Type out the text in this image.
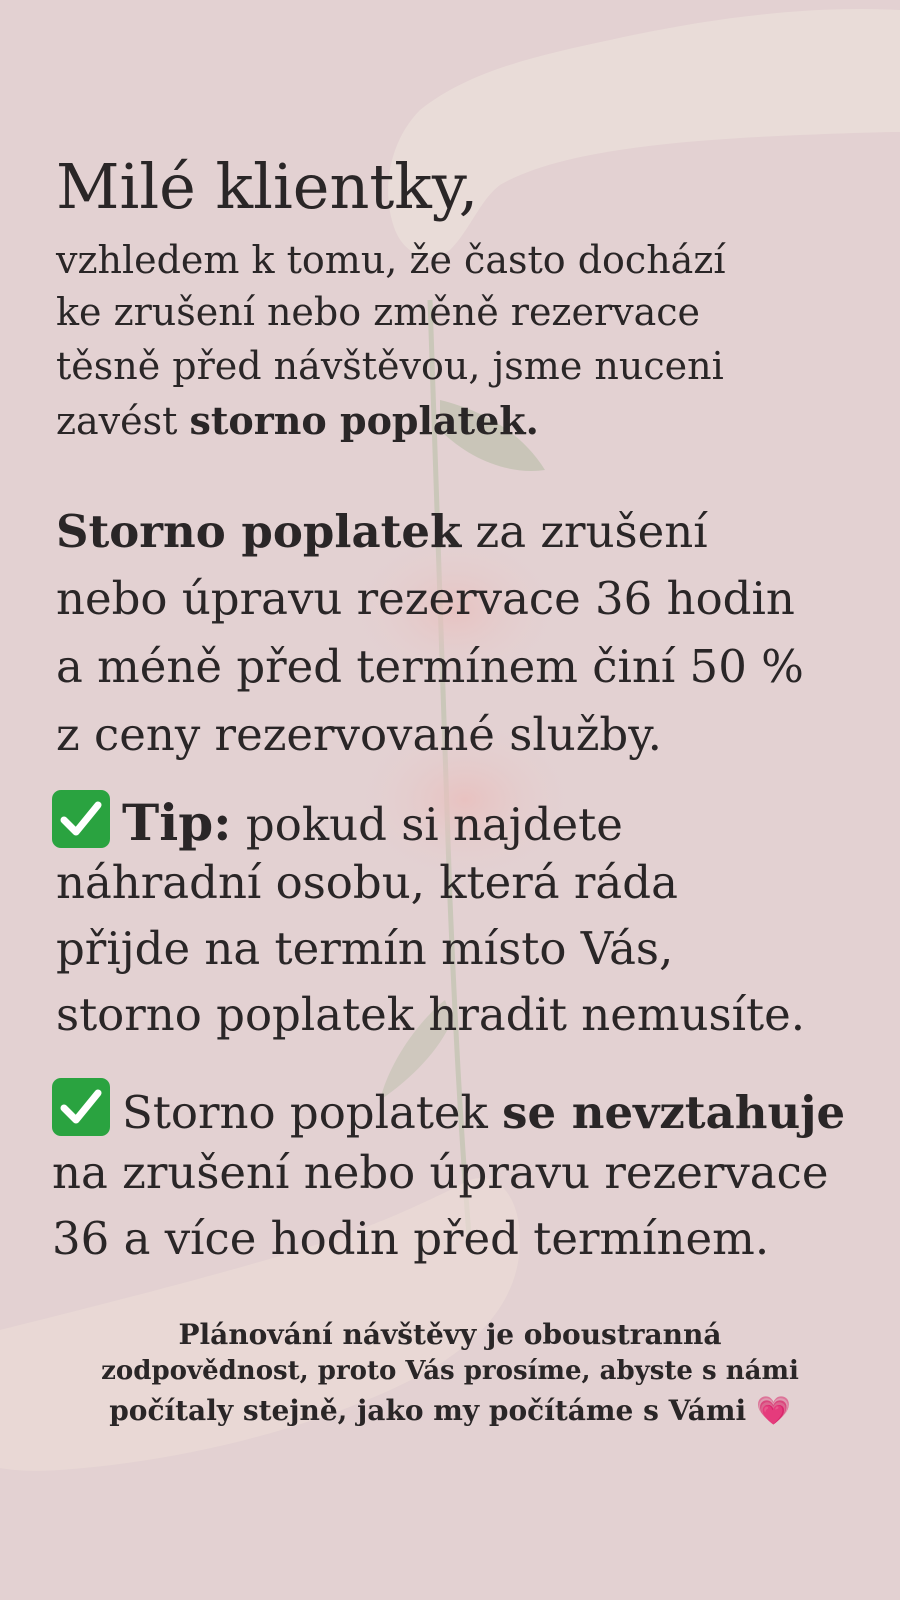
Milé klientky,
vzhledem k tomu, že často dochází
ke zrušení nebo změně rezervace
těsně před návštěvou, jsme nuceni
zavést storno poplatek.
Storno poplatek za zrušení
nebo úpravu rezervace 36 hodin
a méně před termínem činí 50 %
z ceny rezervované služby.
Tip: pokud si najdete
náhradní osobu, která ráda
přijde na termín místo Vás,
storno poplatek hradit nemusíte.
Storno poplatek se nevztahuje
na zrušení nebo úpravu rezervace
36 a více hodin před termínem.
Plánování návštěvy je oboustranná
zodpovědnost, proto Vás prosíme, abyste s námi
počítaly stejně, jako my počítáme s Vámi 💗
